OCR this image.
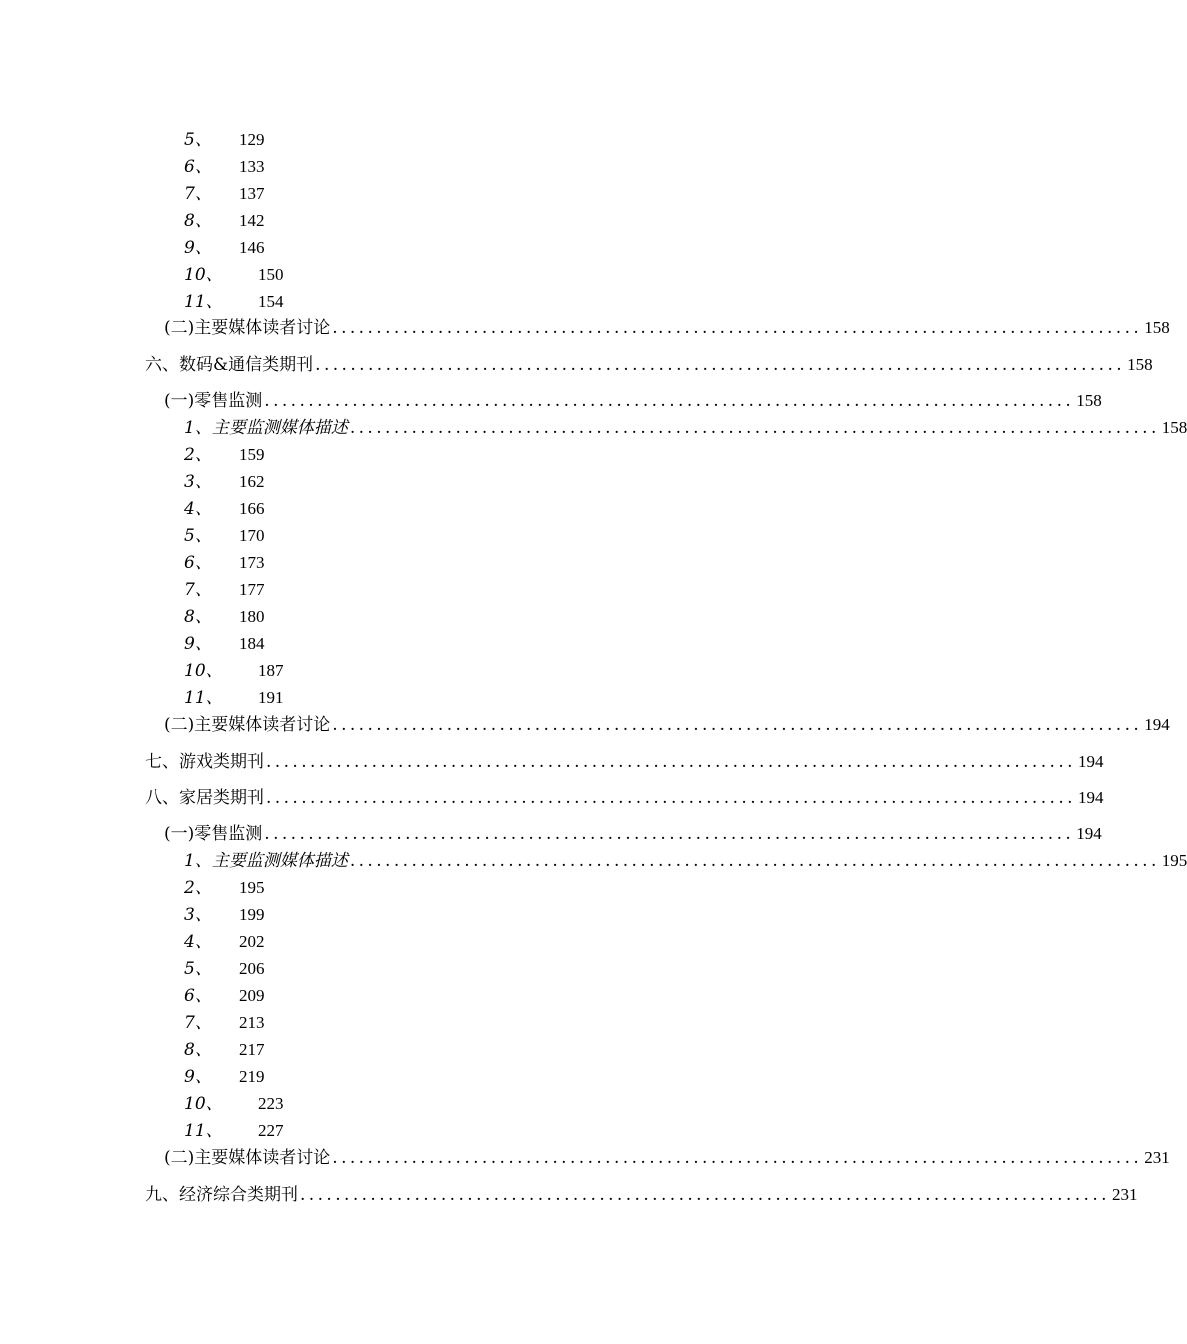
5、 129
6、 133
7、 137
8、 142
9、 146
10、 150
11、 154
(二)主要媒体读者讨论 ............................................................................................ 158
六、数码&通信类期刊 ............................................................................................ 158
(一)零售监测 ............................................................................................ 158
1、主要监测媒体描述 ............................................................................................ 158
2、 159
3、 162
4、 166
5、 170
6、 173
7、 177
8、 180
9、 184
10、 187
11、 191
(二)主要媒体读者讨论 ............................................................................................ 194
七、游戏类期刊 ............................................................................................ 194
八、家居类期刊 ............................................................................................ 194
(一)零售监测 ............................................................................................ 194
1、主要监测媒体描述 ............................................................................................ 195
2、 195
3、 199
4、 202
5、 206
6、 209
7、 213
8、 217
9、 219
10、 223
11、 227
(二)主要媒体读者讨论 ............................................................................................ 231
九、经济综合类期刊 ............................................................................................ 231
